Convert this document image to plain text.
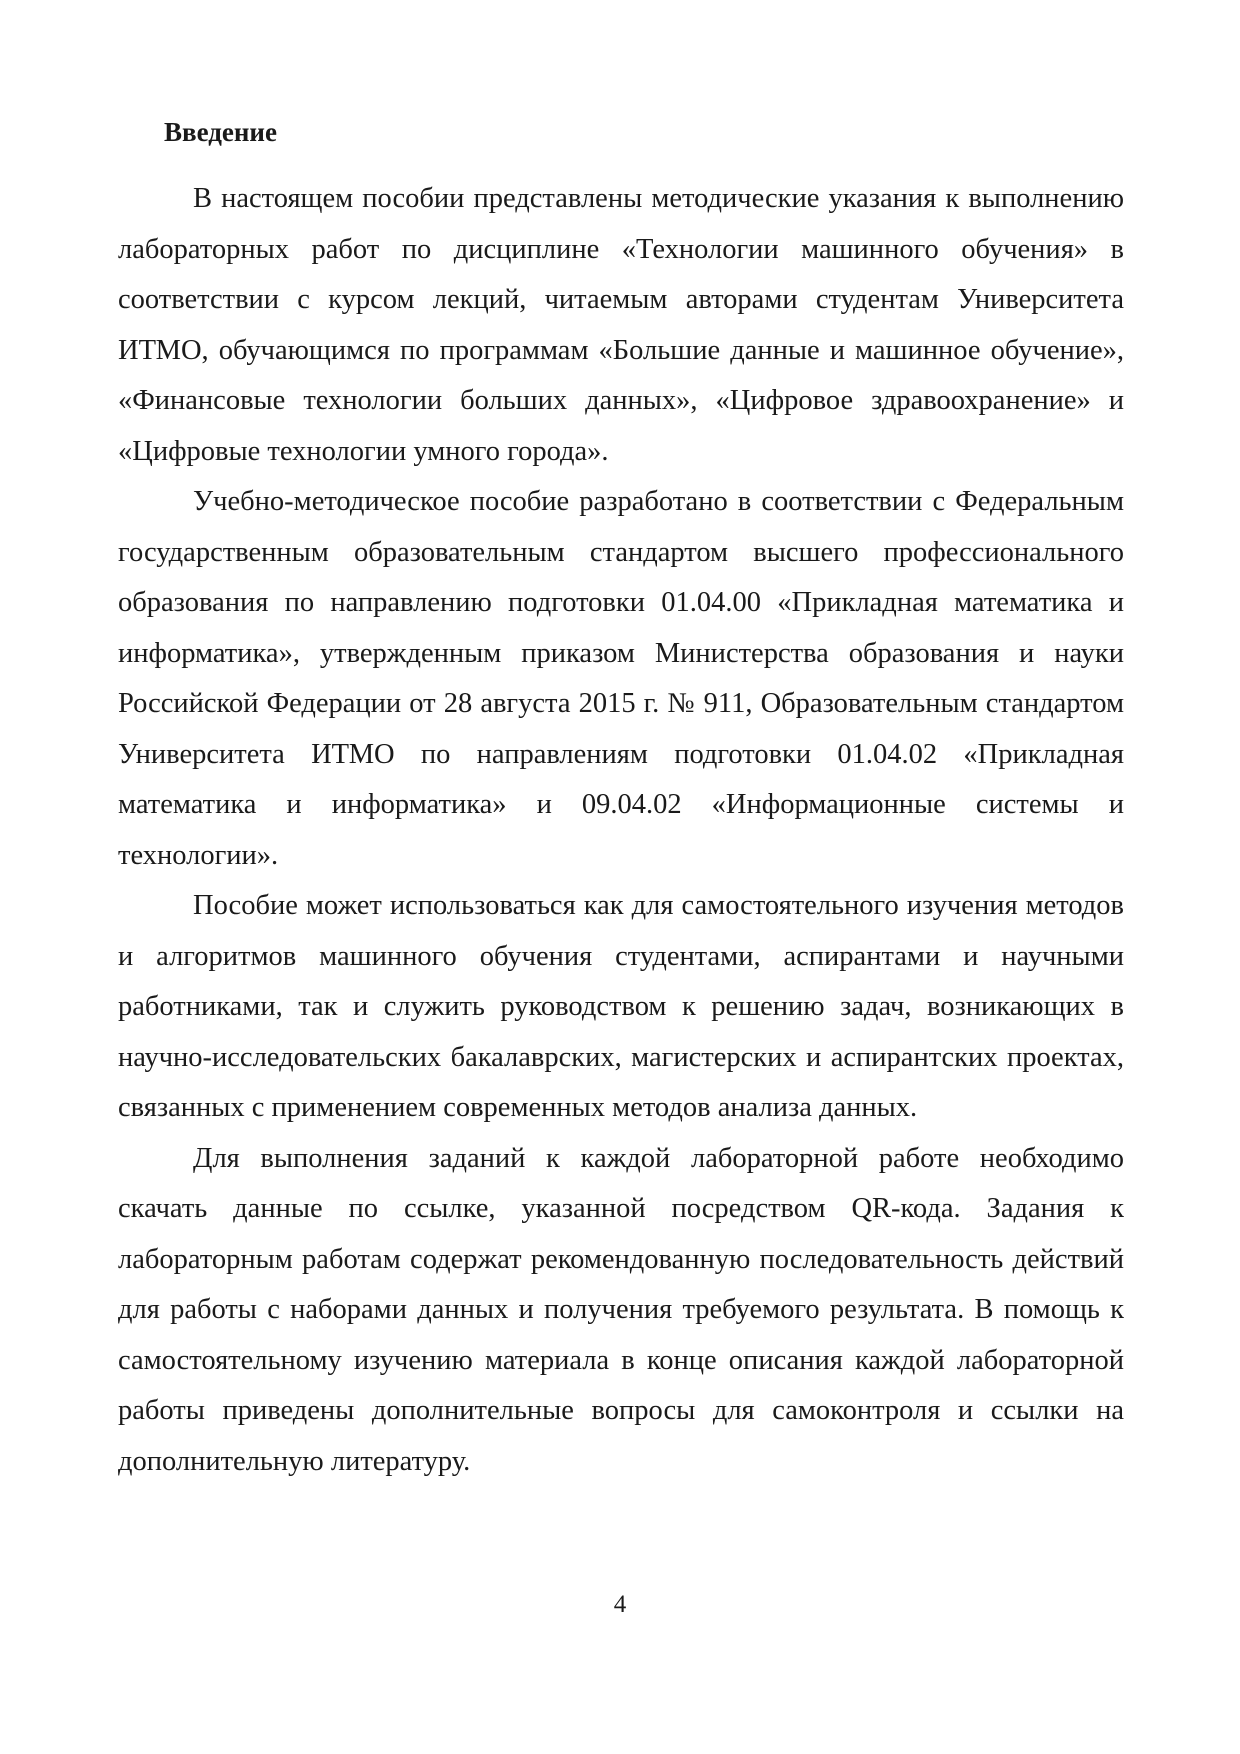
Введение

В настоящем пособии представлены методические указания к выполнению лабораторных работ по дисциплине «Технологии машинного обучения» в соответствии с курсом лекций, читаемым авторами студентам Университета ИТМО, обучающимся по программам «Большие данные и машинное обучение», «Финансовые технологии больших данных», «Цифровое здравоохранение» и «Цифровые технологии умного города».

Учебно-методическое пособие разработано в соответствии с Федеральным государственным образовательным стандартом высшего профессионального образования по направлению подготовки 01.04.00 «Прикладная математика и информатика», утвержденным приказом Министерства образования и науки Российской Федерации от 28 августа 2015 г. № 911, Образовательным стандартом Университета ИТМО по направлениям подготовки 01.04.02 «Прикладная математика и информатика» и 09.04.02 «Информационные системы и технологии».

Пособие может использоваться как для самостоятельного изучения методов и алгоритмов машинного обучения студентами, аспирантами и научными работниками, так и служить руководством к решению задач, возникающих в научно-исследовательских бакалаврских, магистерских и аспирантских проектах, связанных с применением современных методов анализа данных.

Для выполнения заданий к каждой лабораторной работе необходимо скачать данные по ссылке, указанной посредством QR-кода. Задания к лабораторным работам содержат рекомендованную последовательность действий для работы с наборами данных и получения требуемого результата. В помощь к самостоятельному изучению материала в конце описания каждой лабораторной работы приведены дополнительные вопросы для самоконтроля и ссылки на дополнительную литературу.

4
